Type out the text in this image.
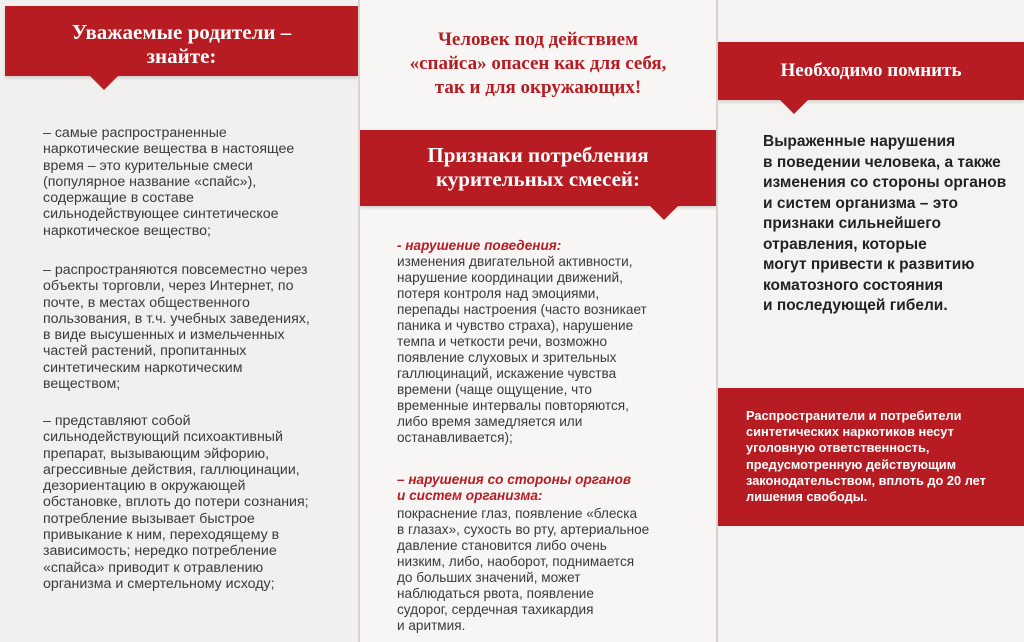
Уважаемые родители –
знайте:
– самые распространенные
наркотические вещества в настоящее
время – это курительные смеси
(популярное название «спайс»),
содержащие в составе
сильнодействующее синтетическое
наркотическое вещество;
– распространяются повсеместно через
объекты торговли, через Интернет, по
почте, в местах общественного
пользования, в т.ч. учебных заведениях,
в виде высушенных и измельченных
частей растений, пропитанных
синтетическим наркотическим
веществом;
– представляют собой
сильнодействующий психоактивный
препарат, вызывающим эйфорию,
агрессивные действия, галлюцинации,
дезориентацию в окружающей
обстановке, вплоть до потери сознания;
потребление вызывает быстрое
привыкание к ним, переходящему в
зависимость; нередко потребление
«спайса» приводит к отравлению
организма и смертельному исходу;
Человек под действием
«спайса» опасен как для себя,
так и для окружающих!
Признаки потребления
курительных смесей:
- нарушение поведения:
изменения двигательной активности,
нарушение координации движений,
потеря контроля над эмоциями,
перепады настроения (часто возникает
паника и чувство страха), нарушение
темпа и четкости речи, возможно
появление слуховых и зрительных
галлюцинаций, искажение чувства
времени (чаще ощущение, что
временные интервалы повторяются,
либо время замедляется или
останавливается);
– нарушения со стороны органов
и систем организма:
покраснение глаз, появление «блеска
в глазах», сухость во рту, артериальное
давление становится либо очень
низким, либо, наоборот, поднимается
до больших значений, может
наблюдаться рвота, появление
судорог, сердечная тахикардия
и аритмия.
Необходимо помнить
Выраженные нарушения
в поведении человека, а также
изменения со стороны органов
и систем организма – это
признаки сильнейшего
отравления, которые
могут привести к развитию
коматозного состояния
и последующей гибели.
Распространители и потребители
синтетических наркотиков несут
уголовную ответственность,
предусмотренную действующим
законодательством, вплоть до 20 лет
лишения свободы.
